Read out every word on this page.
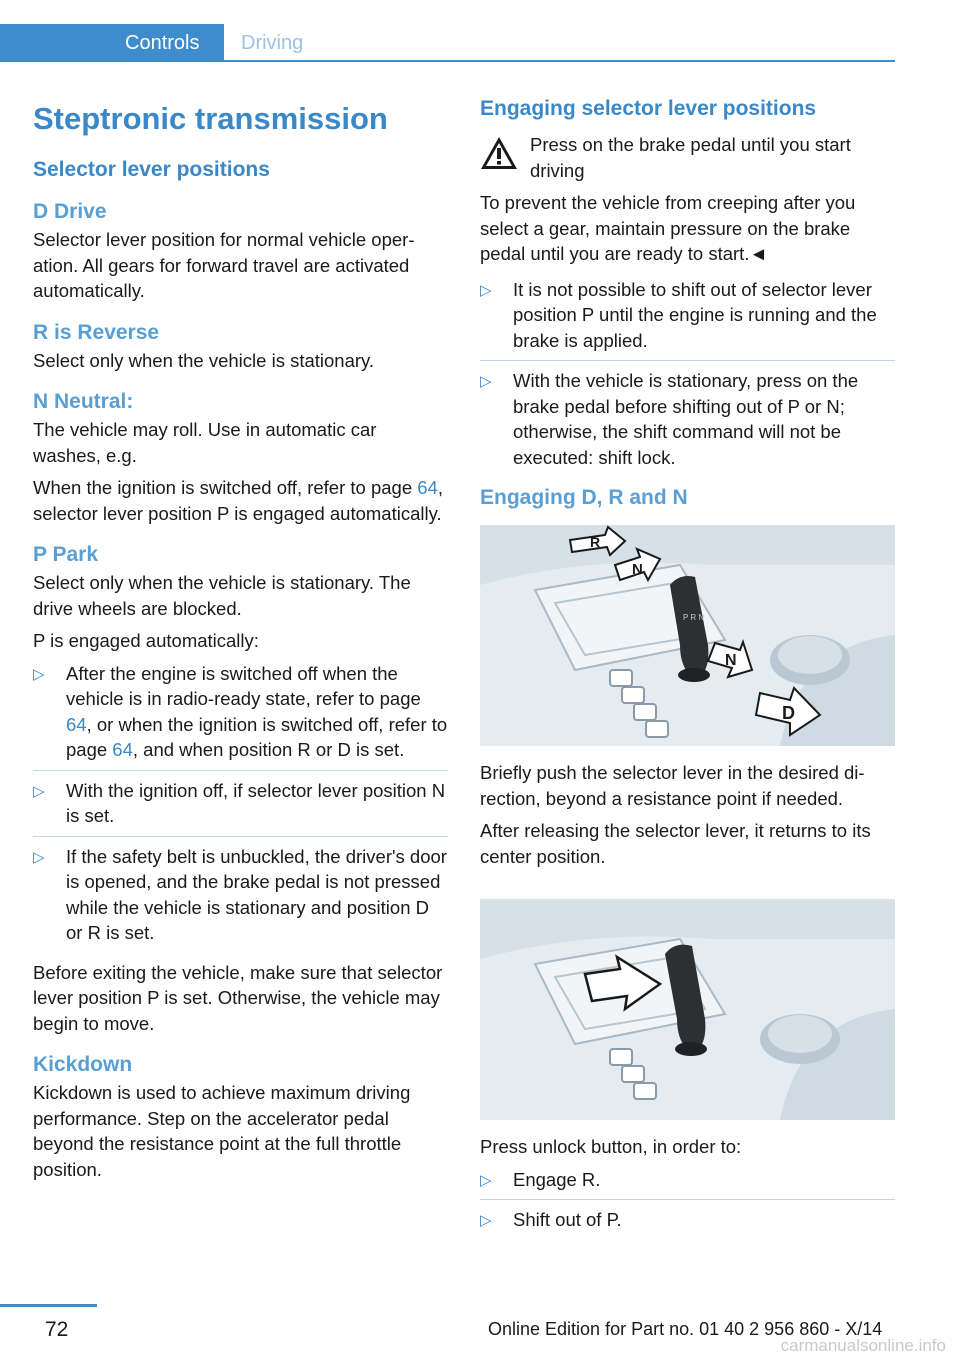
Controls	Driving
Steptronic transmission
Selector lever positions
D Drive

Selector lever position for normal vehicle operation. All gears for forward travel are activated automatically.

R is Reverse

Select only when the vehicle is stationary.

N Neutral:

The vehicle may roll. Use in automatic car washes, e.g.

When the ignition is switched off, refer to page 64, selector lever position P is engaged automatically.

P Park

Select only when the vehicle is stationary. The drive wheels are blocked.

P is engaged automatically:

▷ After the engine is switched off when the vehicle is in radio-ready state, refer to page 64, or when the ignition is switched off, refer to page 64, and when position R or D is set.
▷ With the ignition off, if selector lever position N is set.
▷ If the safety belt is unbuckled, the driver's door is opened, and the brake pedal is not pressed while the vehicle is stationary and position D or R is set.

Before exiting the vehicle, make sure that selector lever position P is set. Otherwise, the vehicle may begin to move.

Kickdown

Kickdown is used to achieve maximum driving performance. Step on the accelerator pedal beyond the resistance point at the full throttle position.

Engaging selector lever positions

Press on the brake pedal until you start driving

To prevent the vehicle from creeping after you select a gear, maintain pressure on the brake pedal until you are ready to start.◄

▷ It is not possible to shift out of selector lever position P until the engine is running and the brake is applied.
▷ With the vehicle is stationary, press on the brake pedal before shifting out of P or N; otherwise, the shift command will not be executed: shift lock.
Engaging D, R and N
P R N
R
N
N
D

Briefly push the selector lever in the desired direction, beyond a resistance point if needed.

After releasing the selector lever, it returns to its center position.

Press unlock button, in order to:

▷ Engage R.
▷ Shift out of P.
72	Online Edition for Part no. 01 40 2 956 860 - X/14
carmanualsonline.info
